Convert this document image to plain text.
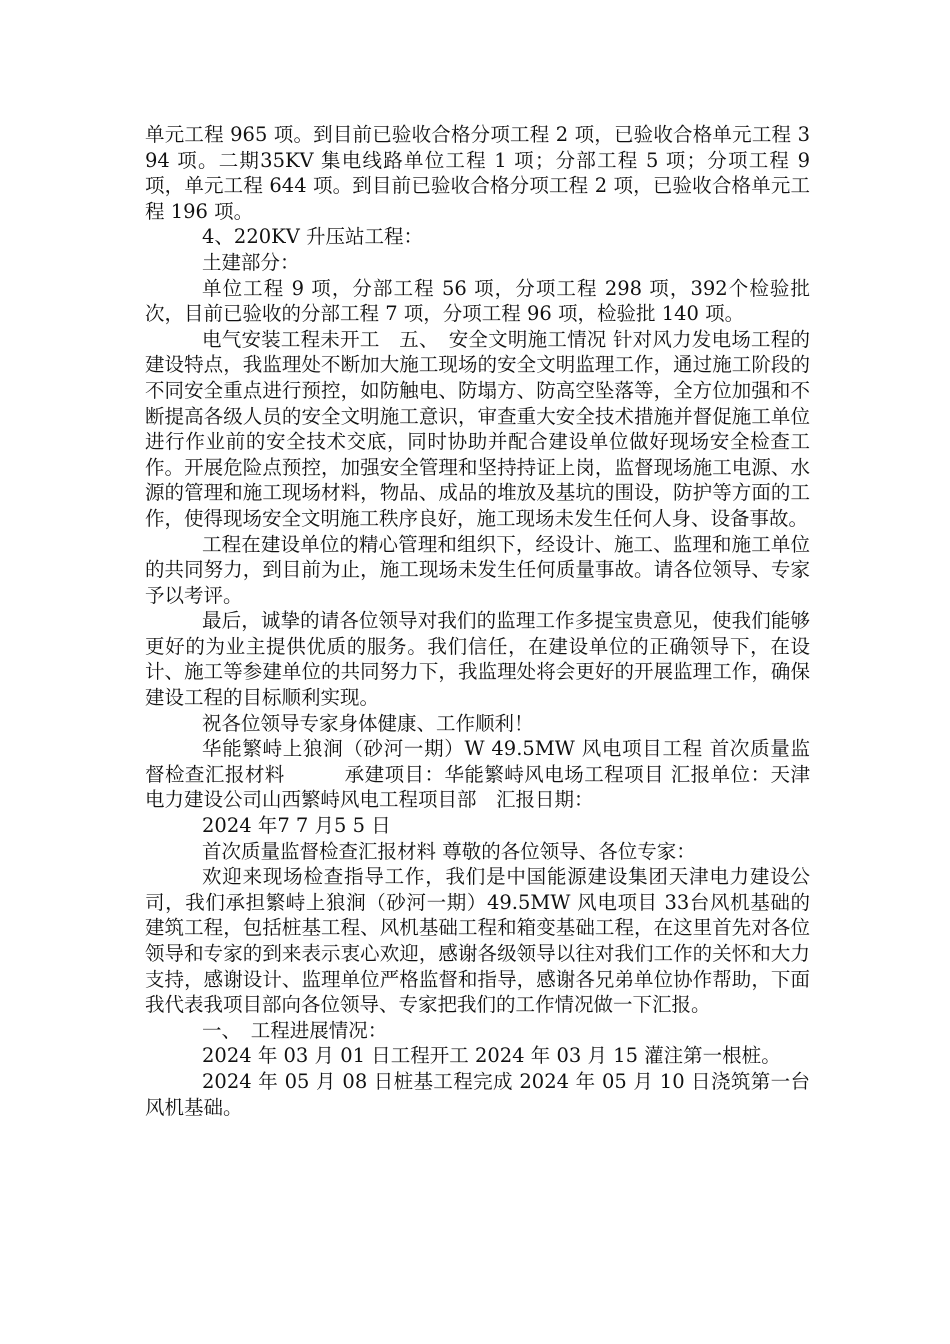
单元工程 965 项。到目前已验收合格分项工程 2 项，已验收合格单元工程 394 项。二期35KV 集电线路单位工程 1 项；分部工程 5 项；分项工程 9 项，单元工程 644 项。到目前已验收合格分项工程 2 项，已验收合格单元工程 196 项。

4、220KV 升压站工程：

土建部分：

单位工程 9 项，分部工程 56 项，分项工程 298 项，392个检验批次，目前已验收的分部工程 7 项，分项工程 96 项，检验批 140 项。

电气安装工程未开工　五、　安全文明施工情况 针对风力发电场工程的建设特点，我监理处不断加大施工现场的安全文明监理工作，通过施工阶段的不同安全重点进行预控，如防触电、防塌方、防高空坠落等，全方位加强和不断提高各级人员的安全文明施工意识，审查重大安全技术措施并督促施工单位进行作业前的安全技术交底，同时协助并配合建设单位做好现场安全检查工作。开展危险点预控，加强安全管理和坚持持证上岗，监督现场施工电源、水源的管理和施工现场材料，物品、成品的堆放及基坑的围设，防护等方面的工作，使得现场安全文明施工秩序良好，施工现场未发生任何人身、设备事故。

工程在建设单位的精心管理和组织下，经设计、施工、监理和施工单位的共同努力，到目前为止，施工现场未发生任何质量事故。请各位领导、专家予以考评。

最后，诚挚的请各位领导对我们的监理工作多提宝贵意见，使我们能够更好的为业主提供优质的服务。我们信任，在建设单位的正确领导下，在设计、施工等参建单位的共同努力下，我监理处将会更好的开展监理工作，确保建设工程的目标顺利实现。

祝各位领导专家身体健康、工作顺利！

华能繁峙上狼涧（砂河一期）W 49.5MW 风电项目工程 首次质量监督检查汇报材料　　　承建项目：华能繁峙风电场工程项目 汇报单位：天津电力建设公司山西繁峙风电工程项目部　汇报日期：

2024 年7 7 月5 5 日

首次质量监督检查汇报材料 尊敬的各位领导、各位专家：

欢迎来现场检查指导工作，我们是中国能源建设集团天津电力建设公司，我们承担繁峙上狼涧（砂河一期）49.5MW 风电项目 33台风机基础的建筑工程，包括桩基工程、风机基础工程和箱变基础工程，在这里首先对各位领导和专家的到来表示衷心欢迎，感谢各级领导以往对我们工作的关怀和大力支持，感谢设计、监理单位严格监督和指导，感谢各兄弟单位协作帮助，下面我代表我项目部向各位领导、专家把我们的工作情况做一下汇报。

一、　工程进展情况：

2024 年 03 月 01 日工程开工 2024 年 03 月 15 灌注第一根桩。

2024 年 05 月 08 日桩基工程完成 2024 年 05 月 10 日浇筑第一台风机基础。
